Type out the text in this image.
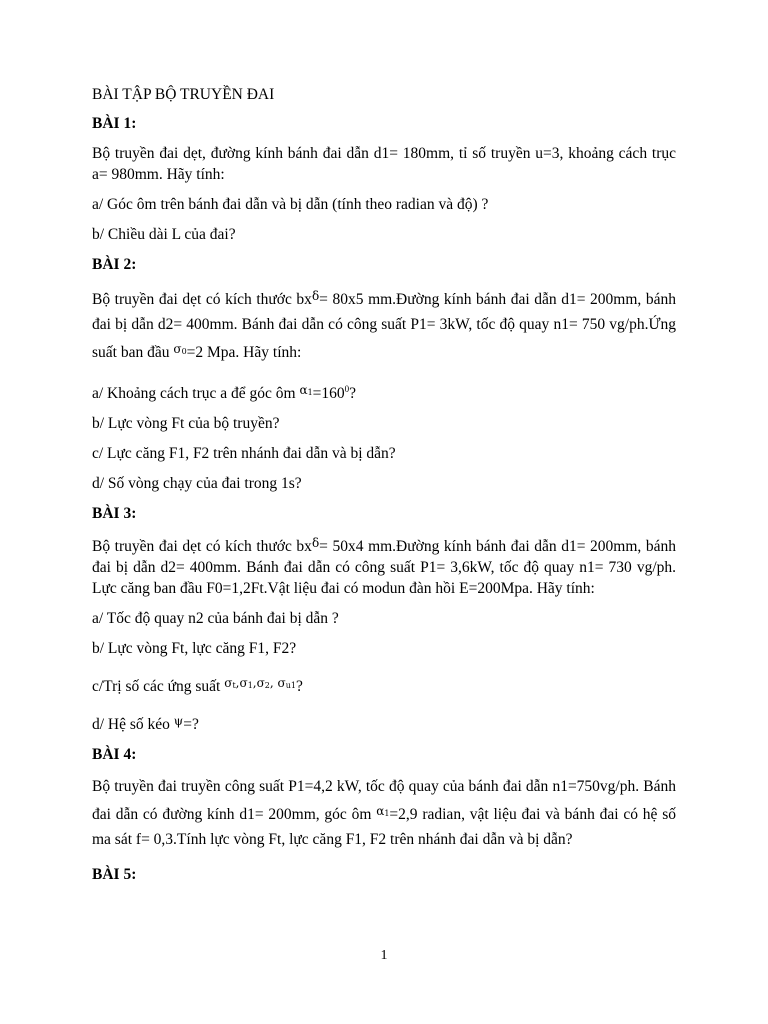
BÀI TẬP BỘ TRUYỀN ĐAI
BÀI 1:

Bộ truyền đai dẹt, đường kính bánh đai dẫn d1= 180mm, tỉ số truyền u=3, khoảng cách trục a= 980mm. Hãy tính:

a/ Góc ôm trên bánh đai dẫn và bị dẫn (tính theo radian và độ) ?
b/ Chiều dài L của đai?
BÀI 2:

Bộ truyền đai dẹt có kích thước $bx^\delta= 80x5$ mm.Đường kính bánh đai dẫn d1= 200mm, bánh đai bị dẫn d2= 400mm. Bánh đai dẫn có công suất P1= 3kW, tốc độ quay n1= 750 vg/ph.Ứng suất ban đầu $^{\sigma 0}$=2 Mpa. Hãy tính:

a/ Khoảng cách trục a để góc ôm $^{\alpha 1}=160^0$?
b/ Lực vòng Ft của bộ truyền?
c/ Lực căng F1, F2 trên nhánh đai dẫn và bị dẫn?
d/ Số vòng chạy của đai trong 1s?
BÀI 3:

Bộ truyền đai dẹt có kích thước $bx^\delta= 50x4$ mm.Đường kính bánh đai dẫn d1= 200mm, bánh đai bị dẫn d2= 400mm. Bánh đai dẫn có công suất P1= 3,6kW, tốc độ quay n1= 730 vg/ph. Lực căng ban đầu F0=1,2Ft.Vật liệu đai có modun đàn hồi E=200Mpa. Hãy tính:

a/ Tốc độ quay n2 của bánh đai bị dẫn ?
b/ Lực vòng Ft, lực căng F1, F2?
c/Trị số các ứng suất $^{\sigma t,\sigma 1,\sigma 2, \sigma u1}$?
d/ Hệ số kéo $^\psi$=?
BÀI 4:

Bộ truyền đai truyền công suất P1=4,2 kW, tốc độ quay của bánh đai dẫn n1=750vg/ph. Bánh đai dẫn có đường kính d1= 200mm, góc ôm $^{\alpha 1}$=2,9 radian, vật liệu đai và bánh đai có hệ số ma sát f= 0,3.Tính lực vòng Ft, lực căng F1, F2 trên nhánh đai dẫn và bị dẫn?

BÀI 5:
1
